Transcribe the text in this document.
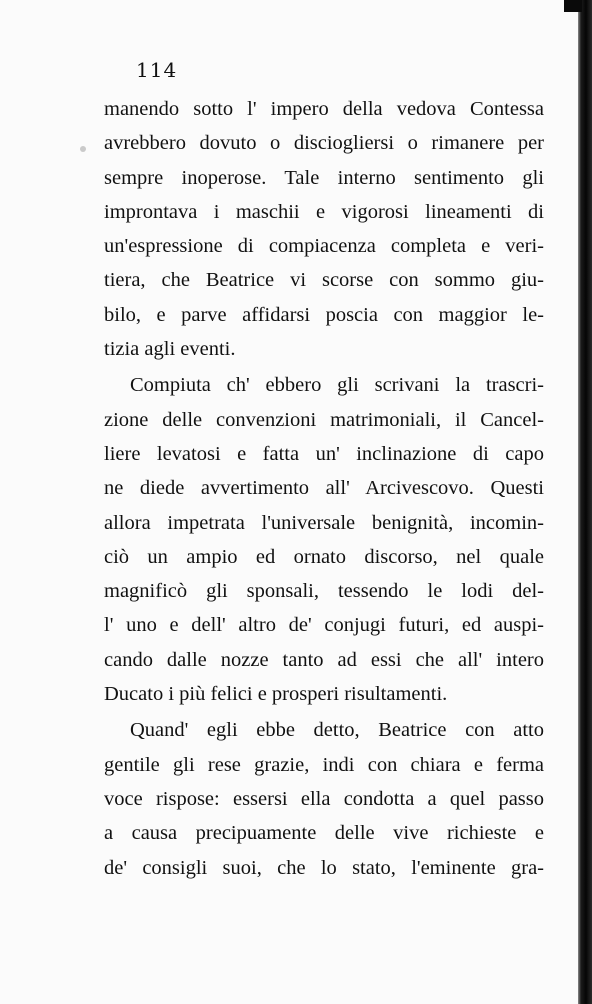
114
manendo sotto l' impero della vedova Contessa
avrebbero dovuto o disciogliersi o rimanere per
sempre inoperose. Tale interno sentimento gli
improntava i maschii e vigorosi lineamenti di
un'espressione di compiacenza completa e veri-
tiera, che Beatrice vi scorse con sommo giu-
bilo, e parve affidarsi poscia con maggior le-
tizia agli eventi.
Compiuta ch' ebbero gli scrivani la trascri-
zione delle convenzioni matrimoniali, il Cancel-
liere levatosi e fatta un' inclinazione di capo
ne diede avvertimento all' Arcivescovo. Questi
allora impetrata l'universale benignità, incomin-
ciò un ampio ed ornato discorso, nel quale
magnificò gli sponsali, tessendo le lodi del-
l' uno e dell' altro de' conjugi futuri, ed auspi-
cando dalle nozze tanto ad essi che all' intero
Ducato i più felici e prosperi risultamenti.
Quand' egli ebbe detto, Beatrice con atto
gentile gli rese grazie, indi con chiara e ferma
voce rispose: essersi ella condotta a quel passo
a causa precipuamente delle vive richieste e
de' consigli suoi, che lo stato, l'eminente gra-
